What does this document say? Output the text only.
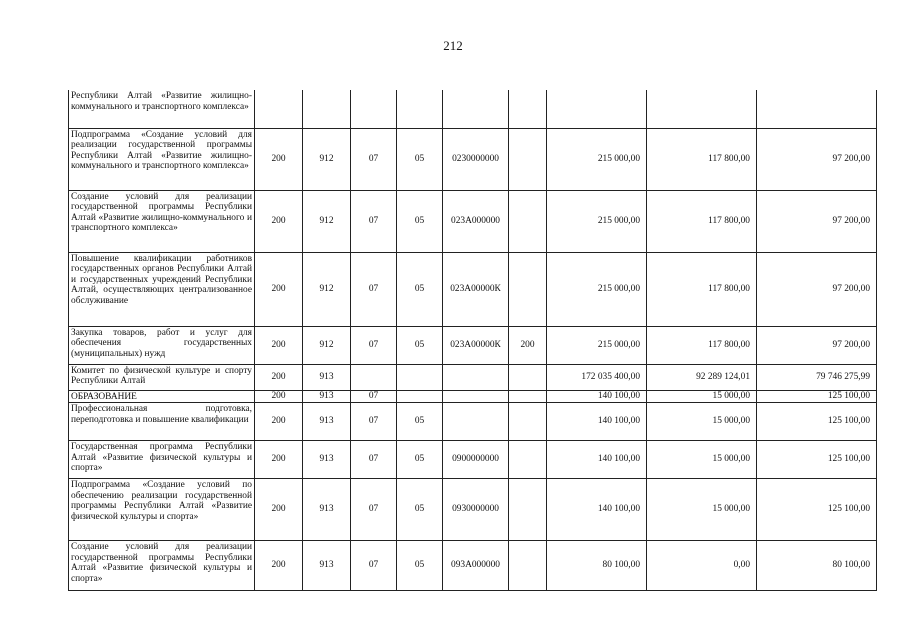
212
Республики Алтай «Развитие жилищно-коммунального и транспортного комплекса»									
Подпрограмма «Создание условий для реализации государственной программы Республики Алтай «Развитие жилищно-коммунального и транспортного комплекса»	200	912	07	05	0230000000		215 000,00	117 800,00	97 200,00
Создание условий для реализации государственной программы Республики Алтай «Развитие жилищно-коммунального и транспортного комплекса»	200	912	07	05	023А000000		215 000,00	117 800,00	97 200,00
Повышение квалификации работников государственных органов Республики Алтай и государственных учреждений Республики Алтай, осуществляющих централизованное обслуживание	200	912	07	05	023А00000К		215 000,00	117 800,00	97 200,00
Закупка товаров, работ и услуг для обеспечения государственных (муниципальных) нужд	200	912	07	05	023А00000К	200	215 000,00	117 800,00	97 200,00
Комитет по физической культуре и спорту Республики Алтай	200	913					172 035 400,00	92 289 124,01	79 746 275,99
ОБРАЗОВАНИЕ	200	913	07				140 100,00	15 000,00	125 100,00
Профессиональная подготовка, переподготовка и повышение квалификации	200	913	07	05			140 100,00	15 000,00	125 100,00
Государственная программа Республики Алтай «Развитие физической культуры и спорта»	200	913	07	05	0900000000		140 100,00	15 000,00	125 100,00
Подпрограмма «Создание условий по обеспечению реализации государственной программы Республики Алтай «Развитие физической культуры и спорта»	200	913	07	05	0930000000		140 100,00	15 000,00	125 100,00
Создание условий для реализации государственной программы Республики Алтай «Развитие физической культуры и спорта»	200	913	07	05	093А000000		80 100,00	0,00	80 100,00
